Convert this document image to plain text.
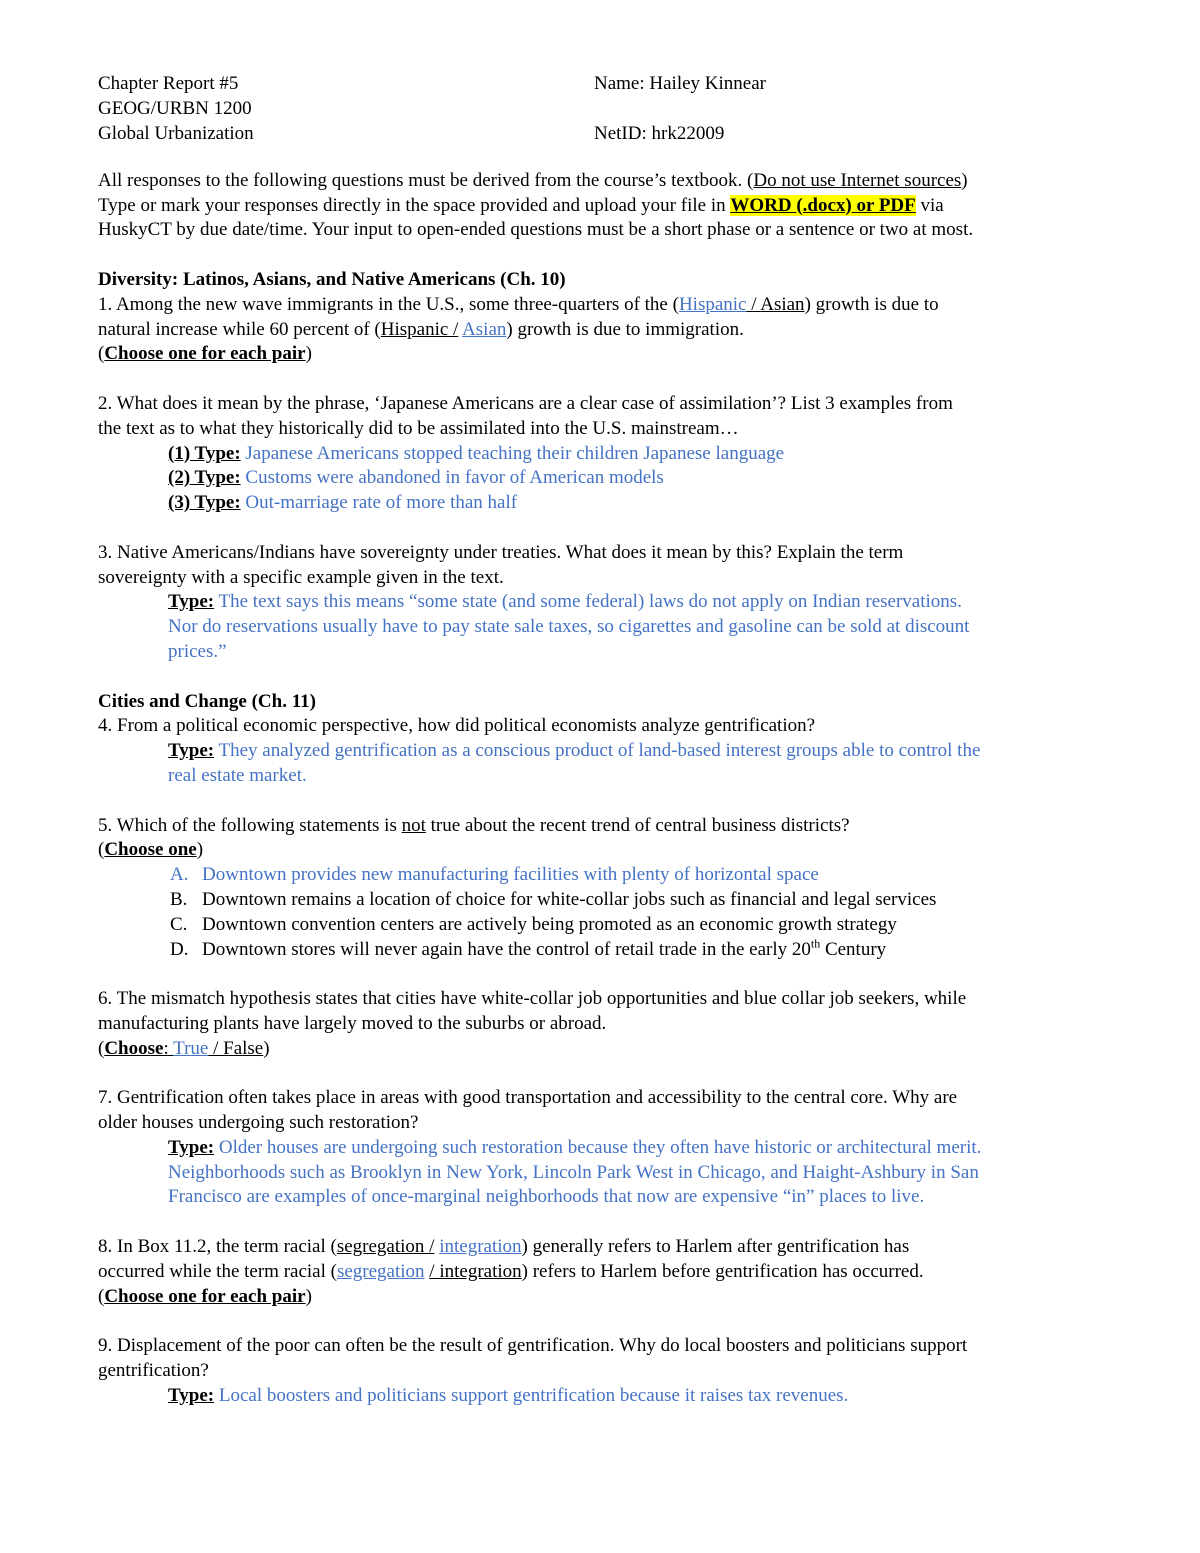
Chapter Report #5
GEOG/URBN 1200
Global Urbanization
Name: Hailey Kinnear

NetID: hrk22009
All responses to the following questions must be derived from the course’s textbook. (Do not use Internet sources)
Type or mark your responses directly in the space provided and upload your file in WORD (.docx) or PDF via
HuskyCT by due date/time. Your input to open-ended questions must be a short phase or a sentence or two at most.
Diversity: Latinos, Asians, and Native Americans (Ch. 10)
1. Among the new wave immigrants in the U.S., some three-quarters of the (Hispanic / Asian) growth is due to
natural increase while 60 percent of (Hispanic / Asian) growth is due to immigration.
(Choose one for each pair)
2. What does it mean by the phrase, ‘Japanese Americans are a clear case of assimilation’? List 3 examples from
the text as to what they historically did to be assimilated into the U.S. mainstream…
(1) Type: Japanese Americans stopped teaching their children Japanese language
(2) Type: Customs were abandoned in favor of American models
(3) Type: Out-marriage rate of more than half
3. Native Americans/Indians have sovereignty under treaties. What does it mean by this? Explain the term
sovereignty with a specific example given in the text.
Type: The text says this means “some state (and some federal) laws do not apply on Indian reservations.
Nor do reservations usually have to pay state sale taxes, so cigarettes and gasoline can be sold at discount
prices.”
Cities and Change (Ch. 11)
4. From a political economic perspective, how did political economists analyze gentrification?
Type: They analyzed gentrification as a conscious product of land-based interest groups able to control the
real estate market.
5. Which of the following statements is not true about the recent trend of central business districts?
(Choose one)
A. Downtown provides new manufacturing facilities with plenty of horizontal space
B. Downtown remains a location of choice for white-collar jobs such as financial and legal services
C. Downtown convention centers are actively being promoted as an economic growth strategy
D. Downtown stores will never again have the control of retail trade in the early 20th Century
6. The mismatch hypothesis states that cities have white-collar job opportunities and blue collar job seekers, while
manufacturing plants have largely moved to the suburbs or abroad.
(Choose: True / False)
7. Gentrification often takes place in areas with good transportation and accessibility to the central core. Why are
older houses undergoing such restoration?
Type: Older houses are undergoing such restoration because they often have historic or architectural merit.
Neighborhoods such as Brooklyn in New York, Lincoln Park West in Chicago, and Haight-Ashbury in San
Francisco are examples of once-marginal neighborhoods that now are expensive “in” places to live.
8. In Box 11.2, the term racial (segregation / integration) generally refers to Harlem after gentrification has
occurred while the term racial (segregation / integration) refers to Harlem before gentrification has occurred.
(Choose one for each pair)
9. Displacement of the poor can often be the result of gentrification. Why do local boosters and politicians support
gentrification?
Type: Local boosters and politicians support gentrification because it raises tax revenues.
